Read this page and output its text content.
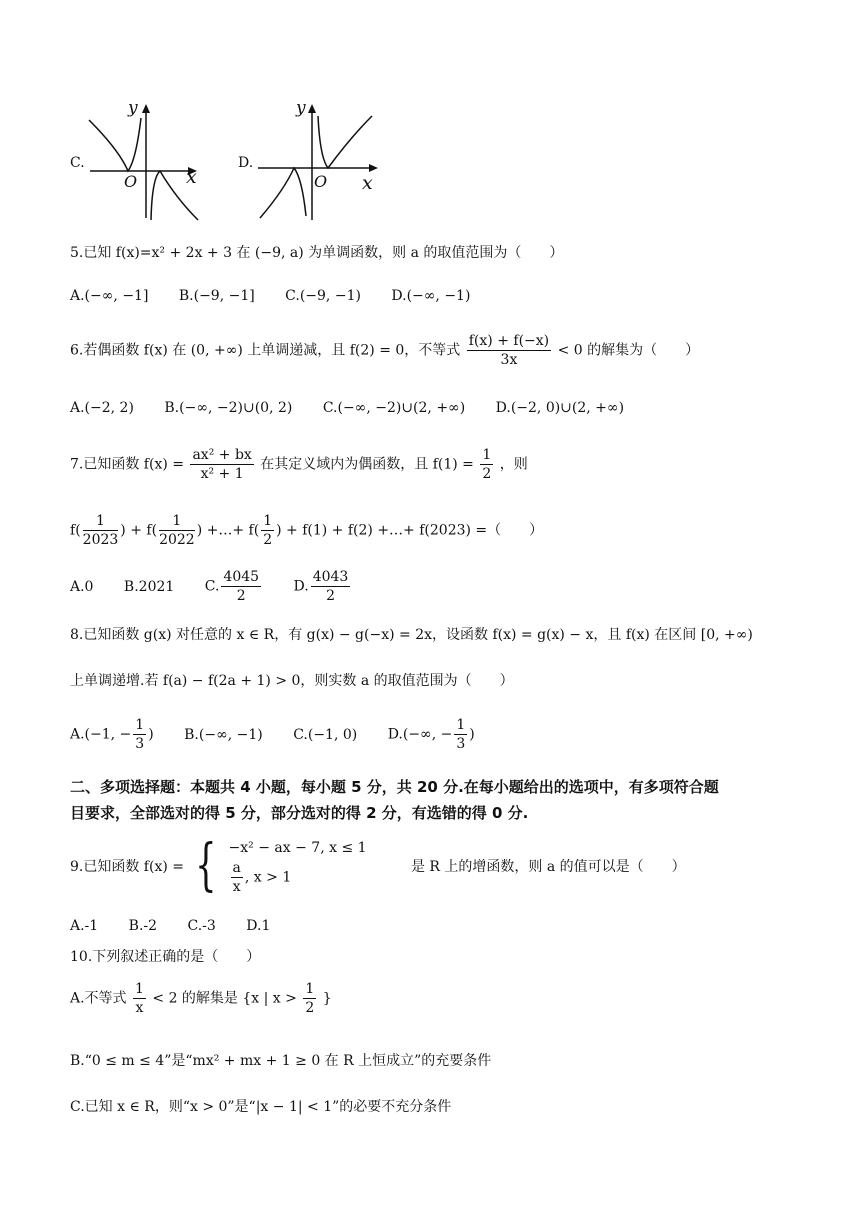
C.
y
x
O
D.
y
x
O
5.已知 f(x)=x² + 2x + 3 在 (−9, a) 为单调函数，则 a 的取值范围为（　　）
A.(−∞, −1] B.(−9, −1] C.(−9, −1) D.(−∞, −1)
6.若偶函数 f(x) 在 (0, +∞) 上单调递减，且 f(2) = 0，不等式 $\frac{f(x) + f(-x)}{3x} < 0$ 的解集为（　　）
A.(−2, 2) B.(−∞, −2)∪(0, 2) C.(−∞, −2)∪(2, +∞) D.(−2, 0)∪(2, +∞)
7.已知函数 $f(x) = \frac{\text{ax² + bx}}{\text{x² + 1}}$ 在其定义域内为偶函数，且 $f(1) = \frac{1}{2}$ ，则
$f( \frac{1}{2023}$ ) + $f( \frac{1}{2022}$ ) +…+ $f( \frac{1}{2}$ ) + f(1) + f(2) +…+ f(2023) =（　　）
A.0 B.2021 C. $\frac{4045}{2} D$. $\frac{4043}{2}$
8.已知函数 g(x) 对任意的 x ∈ R，有 g(x) − g(−x) = 2x，设函数 f(x) = g(x) − x，且 f(x) 在区间 [0, +∞)
上单调递增.若 f(a) − f(2a + 1) > 0，则实数 a 的取值范围为（　　）
A.(−1, − $\frac{1}{3}$ ) B.(−∞, −1) C.(−1, 0) D.(−∞, − $\frac{1}{3}$ )
二、多项选择题：本题共 4 小题，每小题 5 分，共 20 分.在每小题给出的选项中，有多项符合题
目要求，全部选对的得 5 分，部分选对的得 2 分，有选错的得 0 分.
9.已知函数 f(x) = { −x² − ax − 7, x ≤ 1
$\frac{a}{x}$ , x > 1
是 R 上的增函数，则 a 的值可以是（　　）
A.-1 B.-2 C.-3 D.1
10.下列叙述正确的是（　　）
A.不等式 $\frac{1}{x} < 2$ 的解集是 {x | $x > \frac{1}{2}$ }
B.“0 ≤ m ≤ 4”是“mx² + mx + 1 ≥ 0 在 R 上恒成立”的充要条件
C.已知 x ∈ R，则“x > 0”是“|x − 1| < 1”的必要不充分条件
